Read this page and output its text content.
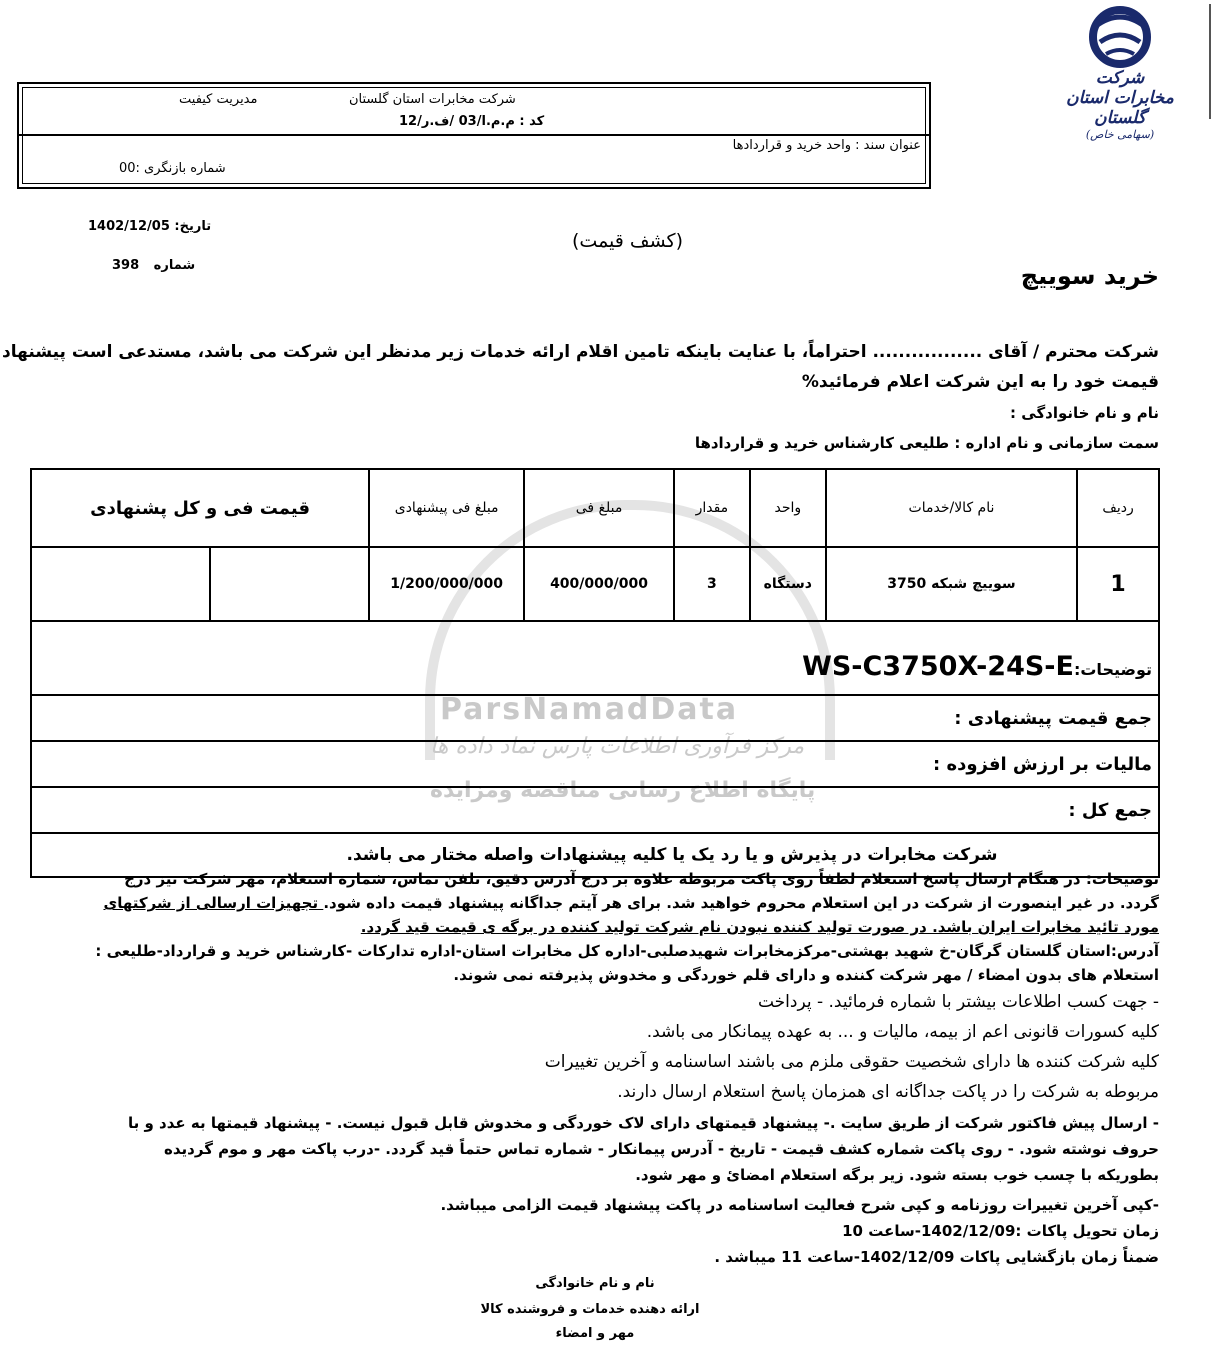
ParsNamadData
مرکز فرآوری اطلاعات پارس نماد داده ها
پایگاه اطلاع رسانی مناقصه ومزایده
شرکت مخابرات استان گلستان
(سهامی خاص)
شرکت مخابرات استان گلستان
مدیریت کیفیت
کد : م.م.ا/03 /ف.ر/12
عنوان سند : واحد خرید و قراردادها
شماره بازنگری :00
تاریخ: 1402/12/05
شماره 398
(کشف قیمت)
خرید سوییچ
شرکت محترم / آقای ................. احتراماً، با عنایت باینکه تامین اقلام ارائه خدمات زیر مدنظر این شرکت می باشد، مستدعی است پیشنهاد
قیمت خود را به این شرکت اعلام فرمائید%
نام و نام خانوادگی :
سمت سازمانی و نام اداره : طلیعی کارشناس خرید و قراردادها
ردیف	نام کالا/خدمات	واحد	مقدار	مبلغ فی	مبلغ فی پیشنهادی	قیمت فی و کل پشنهادی	
1	سوییچ شبکه 3750	دستگاه	3	400/000/000	1/200/000/000		
توضیحات:WS-C3750X-24S-E							
جمع قیمت پیشنهادی :							
مالیات بر ارزش افزوده :							
جمع کل :							
شرکت مخابرات در پذیرش و یا رد یک یا کلیه پیشنهادات واصله مختار می باشد.							
توضیحات: در هنگام ارسال پاسخ استعلام لطفاً روی پاکت مربوطه علاوه بر درج آدرس دقیق، تلفن تماس، شماره استعلام، مهر شرکت نیز درج
گردد. در غیر اینصورت از شرکت در این استعلام محروم خواهید شد. برای هر آیتم جداگانه پیشنهاد قیمت داده شود. تجهیزات ارسالی از شرکتهای
مورد تائید مخابرات ایران باشد. در صورت تولید کننده نبودن نام شرکت تولید کننده در برگه ی قیمت قید گردد.
آدرس:استان گلستان گرگان-خ شهید بهشتی-مرکزمخابرات شهیدصلبی-اداره کل مخابرات استان-اداره تدارکات -کارشناس خرید و قرارداد-طلیعی :
استعلام های بدون امضاء / مهر شرکت کننده و دارای قلم خوردگی و مخدوش پذیرفته نمی شوند.
- جهت کسب اطلاعات بیشتر با شماره فرمائید. - پرداخت
کلیه کسورات قانونی اعم از بیمه، مالیات و ... به عهده پیمانکار می باشد.
کلیه شرکت کننده ها دارای شخصیت حقوقی ملزم می باشند اساسنامه و آخرین تغییرات
مربوطه به شرکت را در پاکت جداگانه ای همزمان پاسخ استعلام ارسال دارند.
- ارسال پیش فاکتور شرکت از طریق سایت .- پیشنهاد قیمتهای دارای لاک خوردگی و مخدوش قابل قبول نیست. - پیشنهاد قیمتها به عدد و با
حروف نوشته شود. - روی پاکت شماره کشف قیمت - تاریخ - آدرس پیمانکار - شماره تماس حتماً قید گردد. -درب پاکت مهر و موم گردیده
بطوریکه با چسب خوب بسته شود. زیر برگه استعلام امضائ و مهر شود.
-کپی آخرین تغییرات روزنامه و کپی شرح فعالیت اساسنامه در پاکت پیشنهاد قیمت الزامی میباشد.
زمان تحویل پاکات :1402/12/09-ساعت 10
ضمناً زمان بازگشایی پاکات 1402/12/09-ساعت 11 میباشد .
نام و نام خانوادگی
ارائه دهنده خدمات و فروشنده کالا
مهر و امضاء
